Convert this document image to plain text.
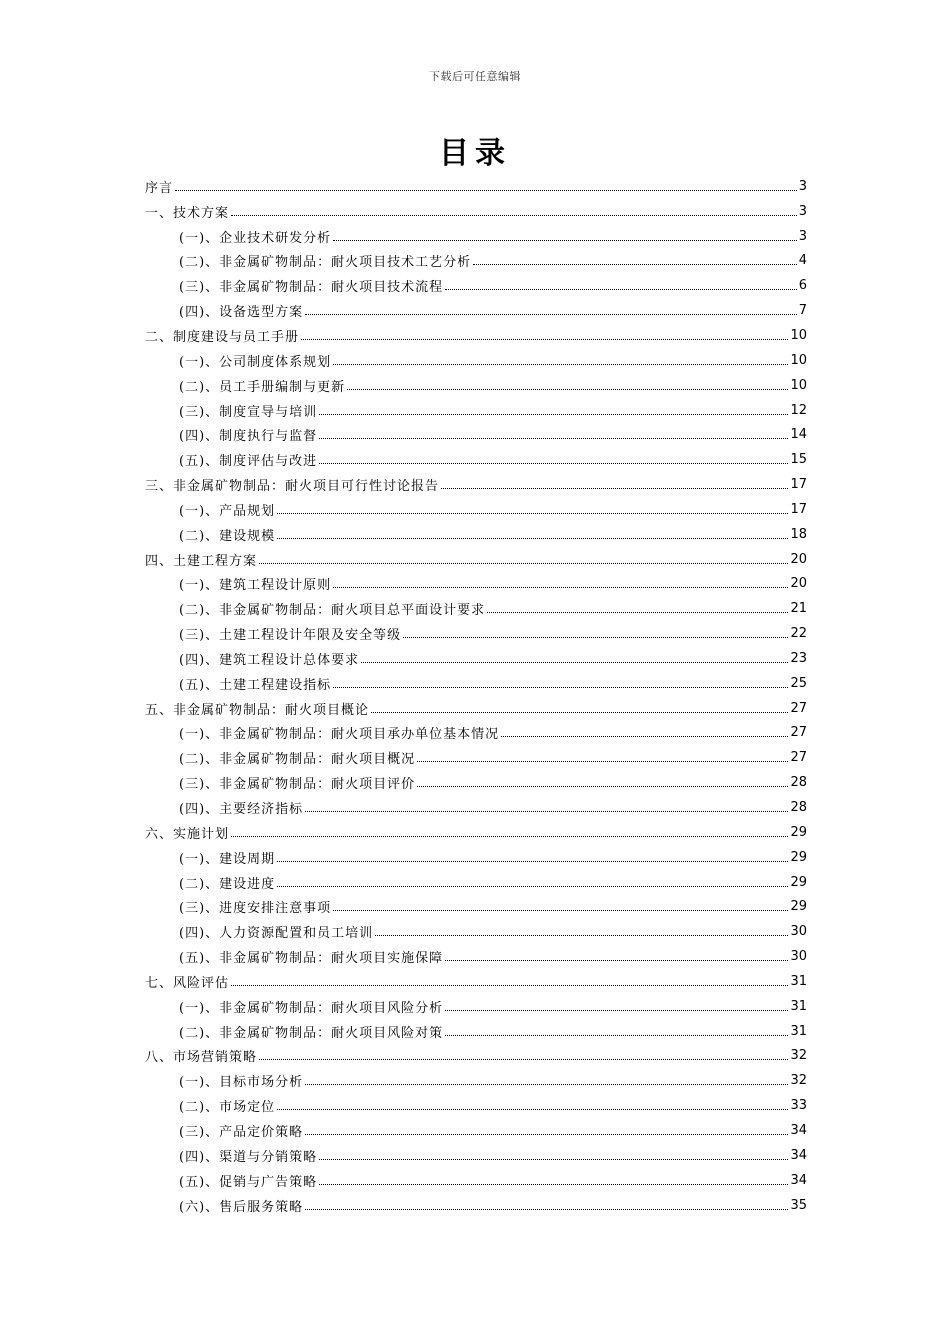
下载后可任意编辑
目录
序言	3
一、技术方案	3
(一)、企业技术研发分析	3
(二)、非金属矿物制品：耐火项目技术工艺分析	4
(三)、非金属矿物制品：耐火项目技术流程	6
(四)、设备选型方案	7
二、制度建设与员工手册	10
(一)、公司制度体系规划	10
(二)、员工手册编制与更新	10
(三)、制度宣导与培训	12
(四)、制度执行与监督	14
(五)、制度评估与改进	15
三、非金属矿物制品：耐火项目可行性讨论报告	17
(一)、产品规划	17
(二)、建设规模	18
四、土建工程方案	20
(一)、建筑工程设计原则	20
(二)、非金属矿物制品：耐火项目总平面设计要求	21
(三)、土建工程设计年限及安全等级	22
(四)、建筑工程设计总体要求	23
(五)、土建工程建设指标	25
五、非金属矿物制品：耐火项目概论	27
(一)、非金属矿物制品：耐火项目承办单位基本情况	27
(二)、非金属矿物制品：耐火项目概况	27
(三)、非金属矿物制品：耐火项目评价	28
(四)、主要经济指标	28
六、实施计划	29
(一)、建设周期	29
(二)、建设进度	29
(三)、进度安排注意事项	29
(四)、人力资源配置和员工培训	30
(五)、非金属矿物制品：耐火项目实施保障	30
七、风险评估	31
(一)、非金属矿物制品：耐火项目风险分析	31
(二)、非金属矿物制品：耐火项目风险对策	31
八、市场营销策略	32
(一)、目标市场分析	32
(二)、市场定位	33
(三)、产品定价策略	34
(四)、渠道与分销策略	34
(五)、促销与广告策略	34
(六)、售后服务策略	35
